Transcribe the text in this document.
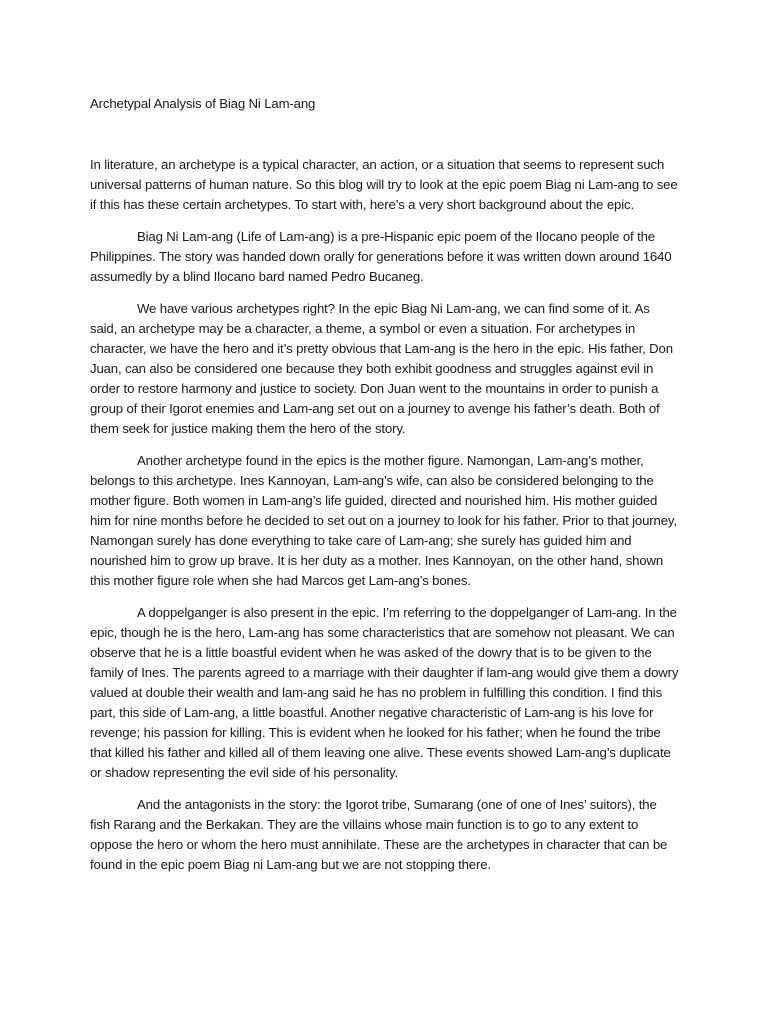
Archetypal Analysis of Biag Ni Lam-ang

In literature, an archetype is a typical character, an action, or a situation that seems to represent such universal patterns of human nature. So this blog will try to look at the epic poem Biag ni Lam-ang to see if this has these certain archetypes. To start with, here’s a very short background about the epic.

Biag Ni Lam-ang (Life of Lam-ang) is a pre-Hispanic epic poem of the Ilocano people of the Philippines. The story was handed down orally for generations before it was written down around 1640 assumedly by a blind Ilocano bard named Pedro Bucaneg.

We have various archetypes right? In the epic Biag Ni Lam-ang, we can find some of it. As said, an archetype may be a character, a theme, a symbol or even a situation. For archetypes in character, we have the hero and it’s pretty obvious that Lam-ang is the hero in the epic. His father, Don Juan, can also be considered one because they both exhibit goodness and struggles against evil in order to restore harmony and justice to society. Don Juan went to the mountains in order to punish a group of their Igorot enemies and Lam-ang set out on a journey to avenge his father’s death. Both of them seek for justice making them the hero of the story.

Another archetype found in the epics is the mother figure. Namongan, Lam-ang’s mother, belongs to this archetype. Ines Kannoyan, Lam-ang’s wife, can also be considered belonging to the mother figure. Both women in Lam-ang’s life guided, directed and nourished him. His mother guided him for nine months before he decided to set out on a journey to look for his father. Prior to that journey, Namongan surely has done everything to take care of Lam-ang; she surely has guided him and nourished him to grow up brave. It is her duty as a mother. Ines Kannoyan, on the other hand, shown this mother figure role when she had Marcos get Lam-ang’s bones.

A doppelganger is also present in the epic. I’m referring to the doppelganger of Lam-ang. In the epic, though he is the hero, Lam-ang has some characteristics that are somehow not pleasant. We can observe that he is a little boastful evident when he was asked of the dowry that is to be given to the family of Ines. The parents agreed to a marriage with their daughter if lam-ang would give them a dowry valued at double their wealth and lam-ang said he has no problem in fulfilling this condition. I find this part, this side of Lam-ang, a little boastful. Another negative characteristic of Lam-ang is his love for revenge; his passion for killing. This is evident when he looked for his father; when he found the tribe that killed his father and killed all of them leaving one alive. These events showed Lam-ang’s duplicate or shadow representing the evil side of his personality.

And the antagonists in the story: the Igorot tribe, Sumarang (one of one of Ines’ suitors), the fish Rarang and the Berkakan. They are the villains whose main function is to go to any extent to oppose the hero or whom the hero must annihilate. These are the archetypes in character that can be found in the epic poem Biag ni Lam-ang but we are not stopping there.
